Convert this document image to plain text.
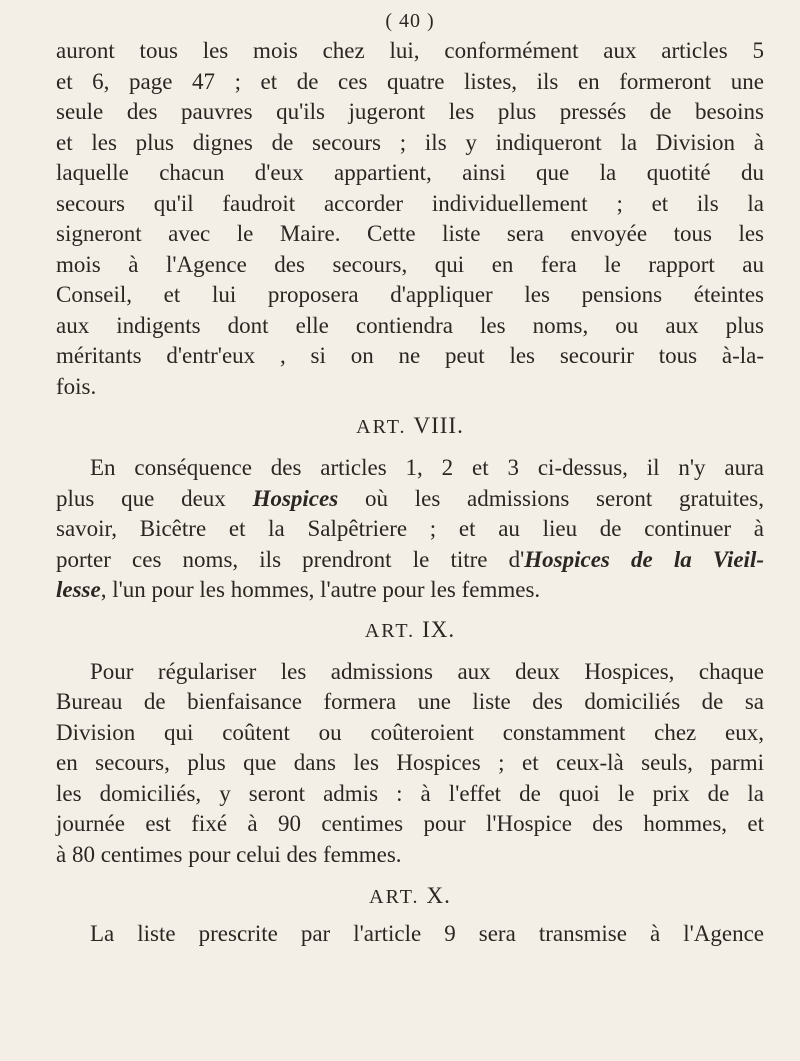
( 40 )
auront tous les mois chez lui, conformément aux articles 5
et 6, page 47 ; et de ces quatre listes, ils en formeront une
seule des pauvres qu'ils jugeront les plus pressés de besoins
et les plus dignes de secours ; ils y indiqueront la Division à
laquelle chacun d'eux appartient, ainsi que la quotité du
secours qu'il faudroit accorder individuellement ; et ils la
signeront avec le Maire. Cette liste sera envoyée tous les
mois à l'Agence des secours, qui en fera le rapport au
Conseil, et lui proposera d'appliquer les pensions éteintes
aux indigents dont elle contiendra les noms, ou aux plus
méritants d'entr'eux , si on ne peut les secourir tous à-la-
fois.
ART. VIII.
En conséquence des articles 1, 2 et 3 ci-dessus, il n'y aura
plus que deux Hospices où les admissions seront gratuites,
savoir, Bicêtre et la Salpêtriere ; et au lieu de continuer à
porter ces noms, ils prendront le titre d'Hospices de la Vieil-
lesse, l'un pour les hommes, l'autre pour les femmes.
ART. IX.
Pour régulariser les admissions aux deux Hospices, chaque
Bureau de bienfaisance formera une liste des domiciliés de sa
Division qui coûtent ou coûteroient constamment chez eux,
en secours, plus que dans les Hospices ; et ceux-là seuls, parmi
les domiciliés, y seront admis : à l'effet de quoi le prix de la
journée est fixé à 90 centimes pour l'Hospice des hommes, et
à 80 centimes pour celui des femmes.
ART. X.
La liste prescrite par l'article 9 sera transmise à l'Agence
